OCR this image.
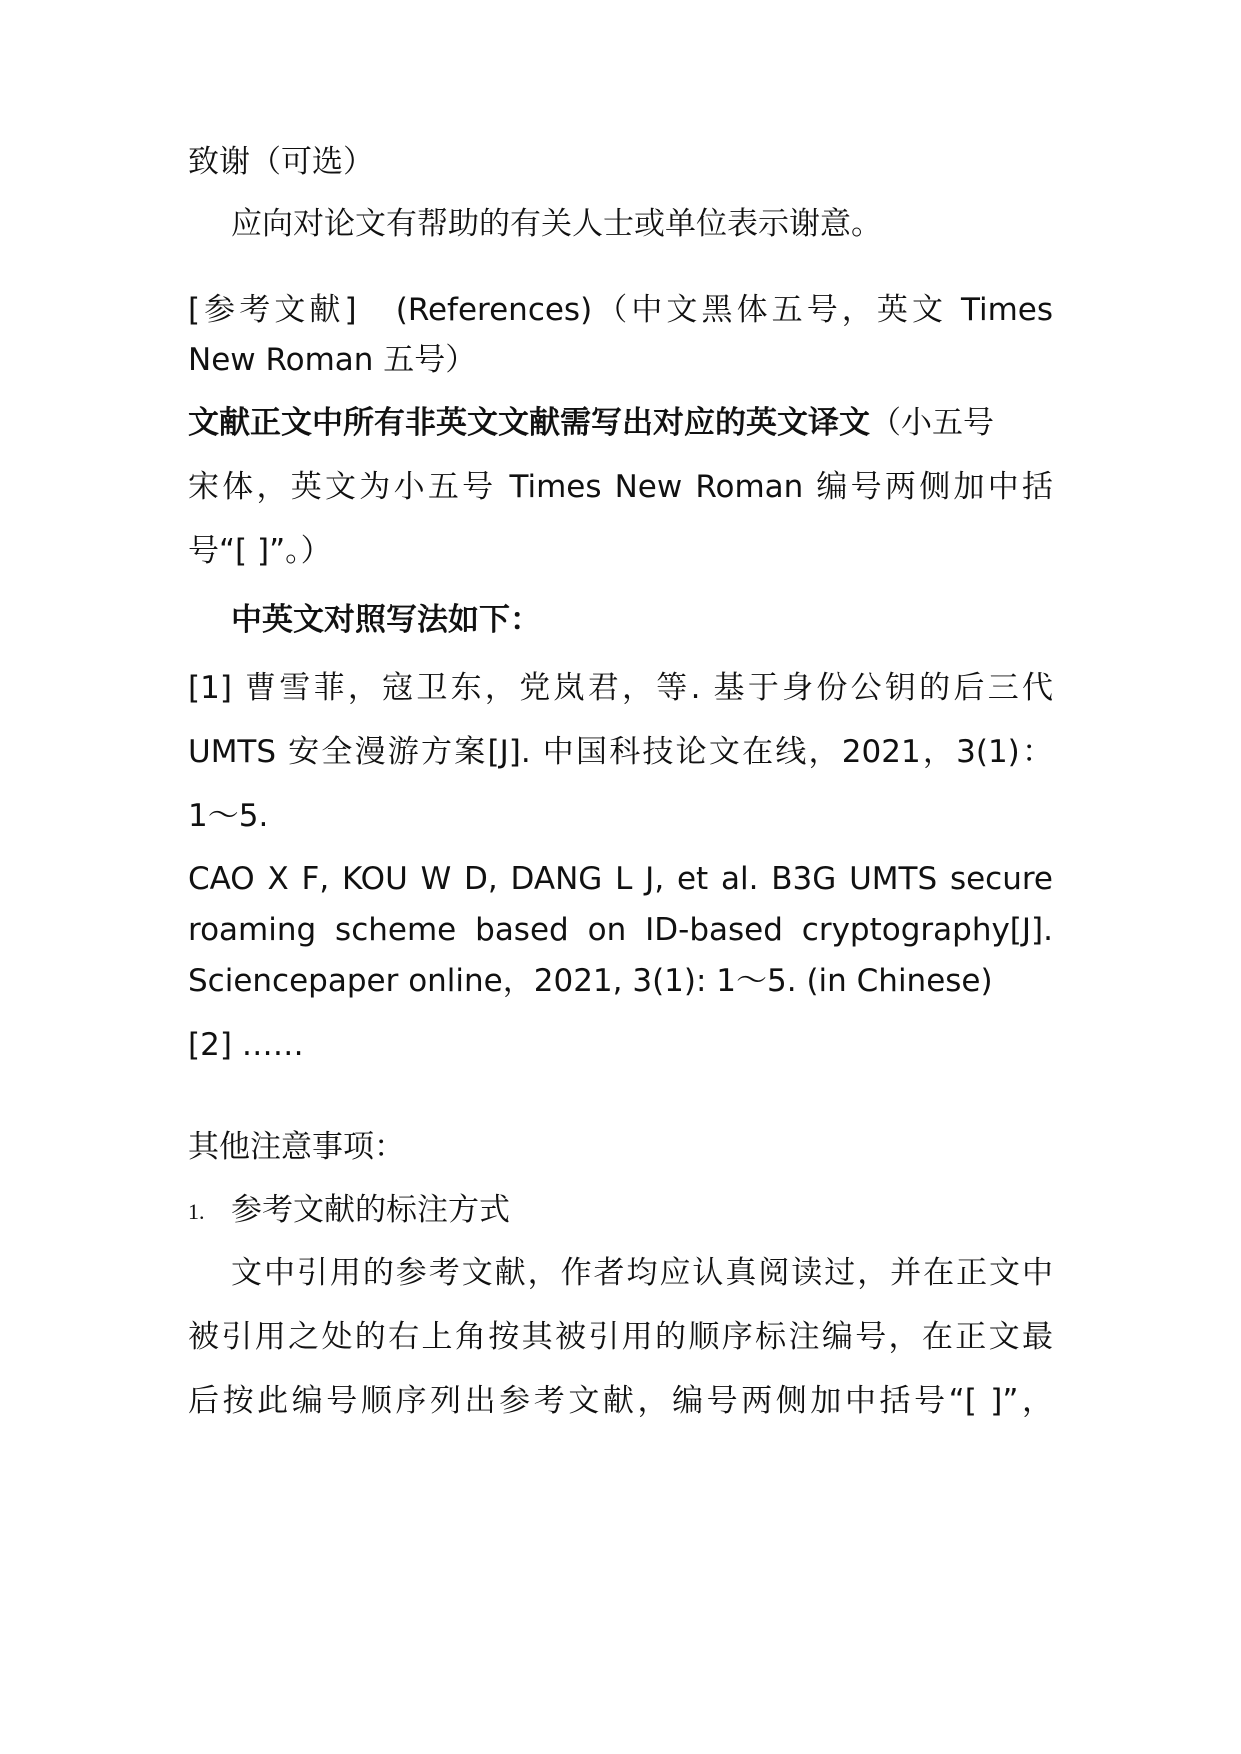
致谢（可选）
应向对论文有帮助的有关人士或单位表示谢意。
[参考文献]　(References)（中文黑体五号，英文 Times
New Roman 五号）
文献正文中所有非英文文献需写出对应的英文译文（小五号
宋体，英文为小五号 Times New Roman 编号两侧加中括
号“[ ]”。）
中英文对照写法如下：
[1] 曹雪菲，寇卫东，党岚君，等. 基于身份公钥的后三代
UMTS 安全漫游方案[J]. 中国科技论文在线，2021，3(1)：
1～5.
CAO X F, KOU W D, DANG L J, et al. B3G UMTS secure
roaming scheme based on ID-based cryptography[J].
Sciencepaper online，2021, 3(1): 1～5. (in Chinese)
[2] ……
其他注意事项：
1. 参考文献的标注方式
文中引用的参考文献，作者均应认真阅读过，并在正文中
被引用之处的右上角按其被引用的顺序标注编号，在正文最
后按此编号顺序列出参考文献，编号两侧加中括号“[ ]”，
